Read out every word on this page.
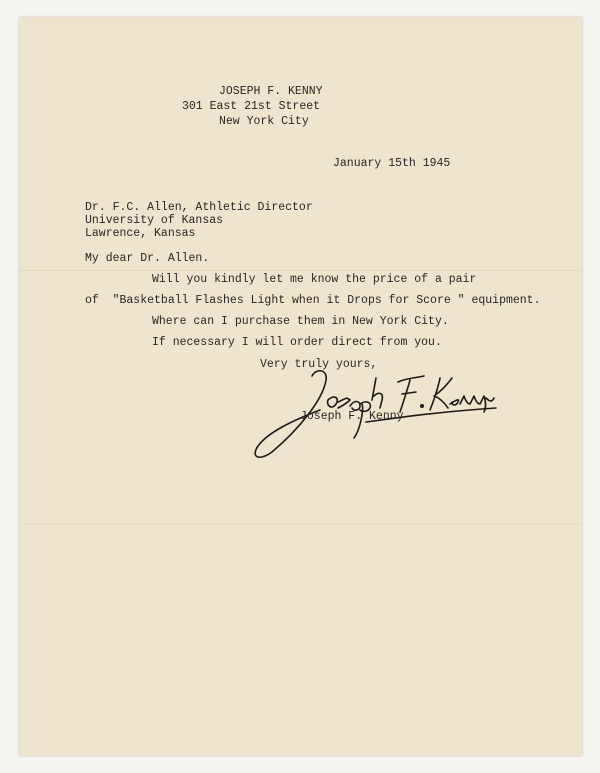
JOSEPH F. KENNY

301 East 21st Street

New York City

January 15th 1945

Dr. F.C. Allen, Athletic Director

University of Kansas

Lawrence, Kansas

My dear Dr. Allen.

Will you kindly let me know the price of a pair

of  "Basketball Flashes Light when it Drops for Score " equipment.

Where can I purchase them in New York City.

If necessary I will order direct from you.

Very truly yours,

Joseph F. Kenny
